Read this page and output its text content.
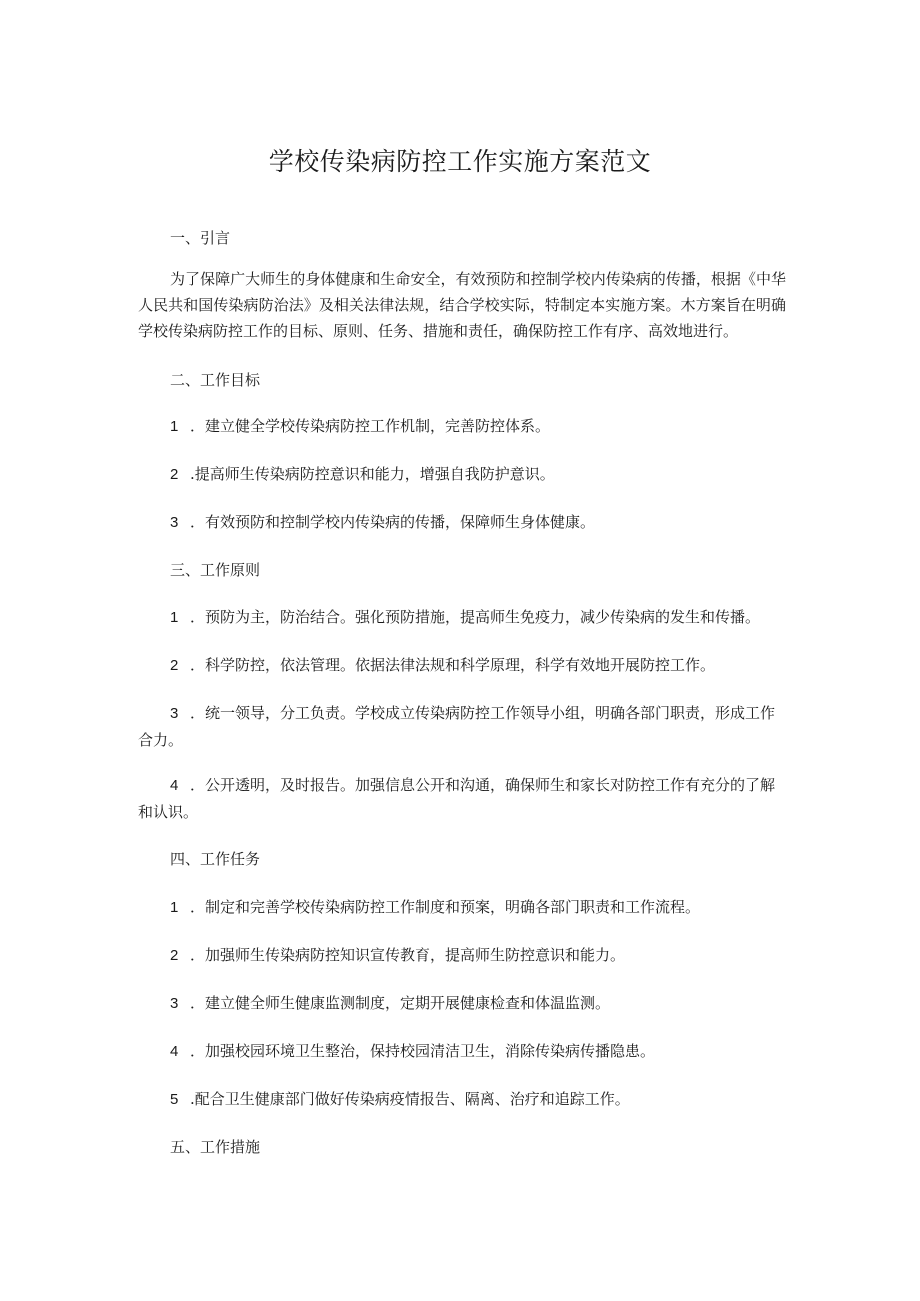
学校传染病防控工作实施方案范文

一、引言

为了保障广大师生的身体健康和生命安全，有效预防和控制学校内传染病的传播，根据《中华人民共和国传染病防治法》及相关法律法规，结合学校实际，特制定本实施方案。木方案旨在明确学校传染病防控工作的目标、原则、任务、措施和责任，确保防控工作有序、高效地进行。

二、工作目标

1 ．建立健全学校传染病防控工作机制，完善防控体系。

2 .提高师生传染病防控意识和能力，增强自我防护意识。

3 ．有效预防和控制学校内传染病的传播，保障师生身体健康。

三、工作原则

1 ．预防为主，防治结合。强化预防措施，提高师生免疫力，减少传染病的发生和传播。

2 ．科学防控，依法管理。依据法律法规和科学原理，科学有效地开展防控工作。

3 ．统一领导，分工负责。学校成立传染病防控工作领导小组，明确各部门职责，形成工作合力。

4 ．公开透明，及时报告。加强信息公开和沟通，确保师生和家长对防控工作有充分的了解和认识。

四、工作任务

1 ．制定和完善学校传染病防控工作制度和预案，明确各部门职责和工作流程。

2 ．加强师生传染病防控知识宣传教育，提高师生防控意识和能力。

3 ．建立健全师生健康监测制度，定期开展健康检查和体温监测。

4 ．加强校园环境卫生整治，保持校园清洁卫生，消除传染病传播隐患。

5 .配合卫生健康部门做好传染病疫情报告、隔离、治疗和追踪工作。

五、工作措施
